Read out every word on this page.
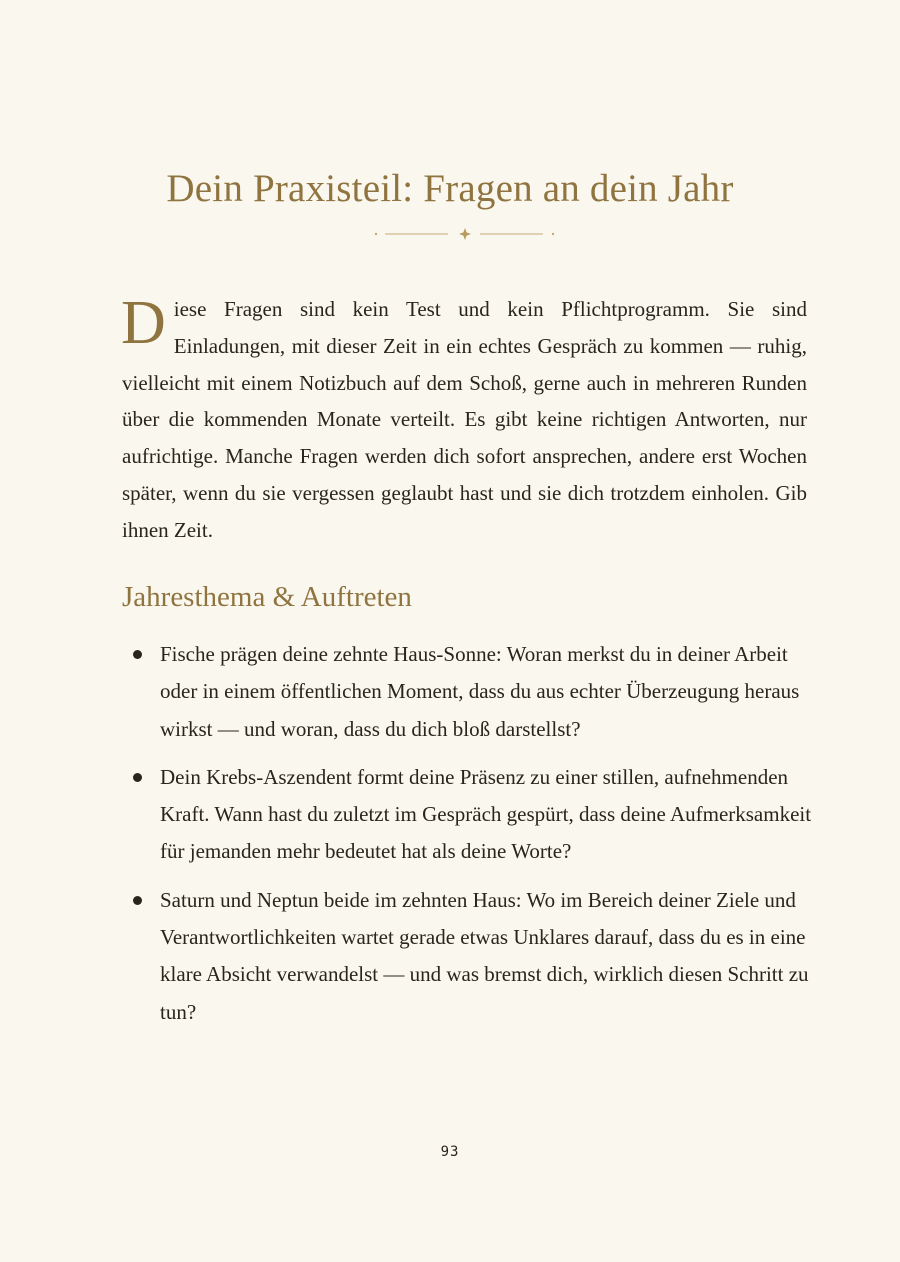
Dein Praxisteil: Fragen an dein Jahr

Diese Fragen sind kein Test und kein Pflichtprogramm. Sie sind Einladungen, mit dieser Zeit in ein echtes Gespräch zu kommen — ruhig, vielleicht mit einem Notizbuch auf dem Schoß, gerne auch in mehreren Runden über die kommenden Monate verteilt. Es gibt keine richtigen Antworten, nur aufrichtige. Manche Fragen werden dich sofort ansprechen, andere erst Wochen später, wenn du sie vergessen geglaubt hast und sie dich trotzdem einholen. Gib ihnen Zeit.

Jahresthema & Auftreten
Fische prägen deine zehnte Haus-Sonne: Woran merkst du in deiner Arbeit oder in einem öffentlichen Moment, dass du aus echter Überzeugung heraus wirkst — und woran, dass du dich bloß darstellst?
Dein Krebs-Aszendent formt deine Präsenz zu einer stillen, aufnehmenden Kraft. Wann hast du zuletzt im Gespräch gespürt, dass deine Aufmerksamkeit für jemanden mehr bedeutet hat als deine Worte?
Saturn und Neptun beide im zehnten Haus: Wo im Bereich deiner Ziele und Verantwortlichkeiten wartet gerade etwas Unklares darauf, dass du es in eine klare Absicht verwandelst — und was bremst dich, wirklich diesen Schritt zu tun?
93
